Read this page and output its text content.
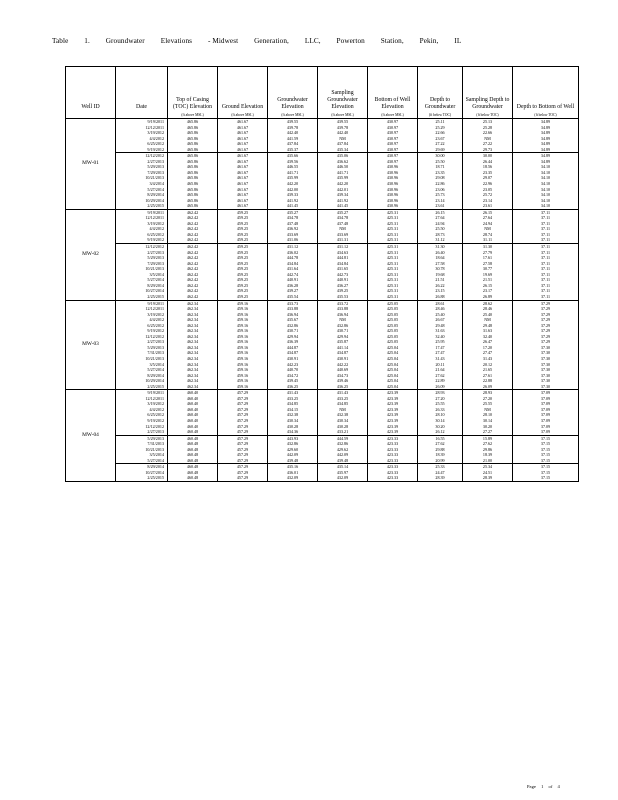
Table 1. Groundwater Elevations - Midwest Generation, LLC, Powerton Station, Pekin, IL
Well ID	Date	Top of Casing (TOC) Elevation	Ground Elevation	Groundwater Elevation	Sampling Groundwater Elevation	Bottom of Well Elevation	Depth to Groundwater	Sampling Depth to Groundwater	Depth to Bottom of Well
		(ft above MSL)	(ft above MSL)	(ft above MSL)	(ft above MSL)	(ft above MSL)	(ft below TOC)	(ft below TOC)	(ft below TOC)
MW-01	9/19/2011	465.86	461.67	439.55	439.55	430.97	25.11	25.13	34.89
	12/12/2011	465.86	461.67	439.78	439.78	430.97	25.29	25.28	34.89
	3/19/2012	465.86	461.67	442.40	442.40	430.97	22.66	22.66	34.89
	4/4/2012	465.86	461.67	441.59	NM	430.97	23.67	NM	34.89
	6/25/2012	465.86	461.67	437.84	437.84	430.97	27.22	27.22	34.89
	9/19/2012	465.86	461.67	435.37	435.34	430.97	29.69	29.73	34.89
	12/12/2012	465.86	461.67	435.66	435.06	430.97	30.00	30.00	34.89
	2/27/2013	465.86	461.67	439.56	436.62	430.97	25.50	26.44	34.89
	5/29/2013	465.86	461.67	446.55	446.50	430.96	18.71	18.56	34.10
	7/29/2013	465.86	461.67	441.71	441.71	430.96	23.35	23.35	34.10
	10/21/2013	465.86	461.67	435.99	435.99	430.96	29.08	29.07	34.10
	3/4/2014	465.86	461.67	442.20	442.20	430.96	22.86	22.96	34.10
	5/27/2014	465.86	461.67	442.00	442.01	430.96	23.06	23.05	34.10
	8/29/2014	465.86	461.67	439.33	439.34	430.96	25.73	25.72	34.10
	10/29/2014	465.86	461.67	441.92	441.92	430.96	23.14	23.14	34.10
	2/25/2015	465.86	461.67	441.45	441.45	430.96	23.61	23.61	34.10
MW-02	9/19/2011	462.42	459.25	435.27	435.27	425.31	26.15	26.15	37.11
	12/12/2011	462.42	459.25	434.78	434.78	425.31	27.64	27.64	37.11
	3/19/2012	462.42	459.25	437.48	437.48	425.31	24.94	24.94	37.11
	4/4/2012	462.42	459.25	436.92	NM	425.31	25.50	NM	37.11
	6/25/2012	462.42	459.25	433.69	433.69	425.31	28.73	28.74	37.11
	9/19/2012	462.42	459.25	431.06	431.31	425.31	31.12	31.11	37.11
	12/12/2012	462.42	459.25	431.12	431.12	425.31	31.30	31.30	37.11
	2/27/2013	462.42	459.25	436.02	434.63	425.31	26.40	27.79	37.11
	5/29/2013	462.42	459.25	444.78	444.81	425.31	18.64	17.61	37.11
	7/29/2013	462.42	459.25	434.84	434.84	425.31	27.58	27.58	37.11
	10/21/2013	462.42	459.25	431.64	431.65	425.31	30.78	30.77	37.11
	3/5/2014	462.42	459.25	442.74	442.73	425.31	19.68	19.69	37.11
	5/27/2014	462.42	459.25	440.91	440.91	425.31	21.51	21.51	37.11
	8/29/2014	462.42	459.25	436.28	436.27	425.31	26.22	26.15	37.11
	10/27/2014	462.42	459.25	439.27	439.25	425.31	23.15	23.17	37.11
	2/25/2015	462.42	459.25	435.54	435.53	425.31	26.88	26.89	37.11
MW-03	9/19/2011	462.34	459.16	433.73	433.72	425.05	28.61	28.62	37.29
	12/12/2011	462.34	459.16	433.88	433.88	425.05	28.46	28.46	37.29
	3/19/2012	462.34	459.16	436.94	436.94	425.05	25.40	25.40	37.29
	4/4/2012	462.34	459.16	435.67	NM	425.05	26.67	NM	37.29
	6/25/2012	462.34	459.16	432.86	432.86	425.05	29.48	29.48	37.29
	9/19/2012	462.34	459.16	430.71	430.71	425.05	31.63	31.63	37.29
	12/12/2012	462.34	459.16	429.94	429.94	425.05	32.40	32.40	37.29
	2/27/2013	462.34	459.16	436.39	435.87	425.05	25.95	26.47	37.29
	5/29/2013	462.34	459.16	444.87	441.14	425.04	17.47	17.20	37.30
	7/31/2013	462.34	459.16	434.87	434.87	425.04	27.47	27.47	37.30
	10/21/2013	462.34	459.16	430.91	430.91	425.04	31.43	31.43	37.30
	3/5/2014	462.34	459.16	442.23	442.22	425.04	20.11	20.12	37.30
	5/27/2014	462.34	459.16	440.70	440.69	425.04	21.64	21.65	37.30
	8/29/2014	462.34	459.16	434.72	434.73	425.04	27.62	27.61	37.30
	10/29/2014	462.34	459.16	439.45	439.46	425.04	22.89	22.88	37.30
	2/25/2015	462.34	459.16	436.25	436.25	425.04	26.09	26.09	37.30
MW-04	9/19/2011	460.40	457.29	431.43	431.43	423.39	28.93	28.93	37.09
	12/12/2011	460.40	457.29	433.25	433.25	423.39	27.20	27.20	37.09
	3/19/2012	460.40	457.29	434.85	434.85	423.39	25.55	25.55	37.09
	4/4/2012	460.40	457.29	434.15	NM	423.39	26.33	NM	37.09
	6/25/2012	460.40	457.29	432.38	432.38	423.39	28.10	28.10	37.09
	9/19/2012	460.40	457.29	430.34	430.34	423.39	30.14	30.14	37.09
	12/12/2012	460.40	457.29	430.28	430.28	423.39	30.20	30.20	37.09
	2/27/2013	460.48	457.29	434.36	433.21	423.39	26.12	27.27	37.09
	5/29/2013	460.48	457.29	443.93	444.59	423.33	16.55	15.89	37.15
	7/31/2013	460.48	457.29	432.86	432.86	423.33	27.62	27.62	37.15
	10/21/2013	460.48	457.29	429.60	429.62	423.33	29.88	29.86	37.15
	3/5/2014	460.48	457.29	442.09	442.09	423.33	18.39	18.39	37.15
	5/27/2014	460.48	457.29	439.48	439.48	423.33	20.99	21.00	37.15
	8/29/2014	460.48	457.29	435.16	435.14	423.33	25.33	25.34	37.15
	10/27/2014	460.48	457.29	436.01	435.97	423.33	24.47	24.51	37.15
	2/25/2015	460.48	457.29	432.09	432.09	423.33	28.39	28.39	37.15
Page 1 of 4
